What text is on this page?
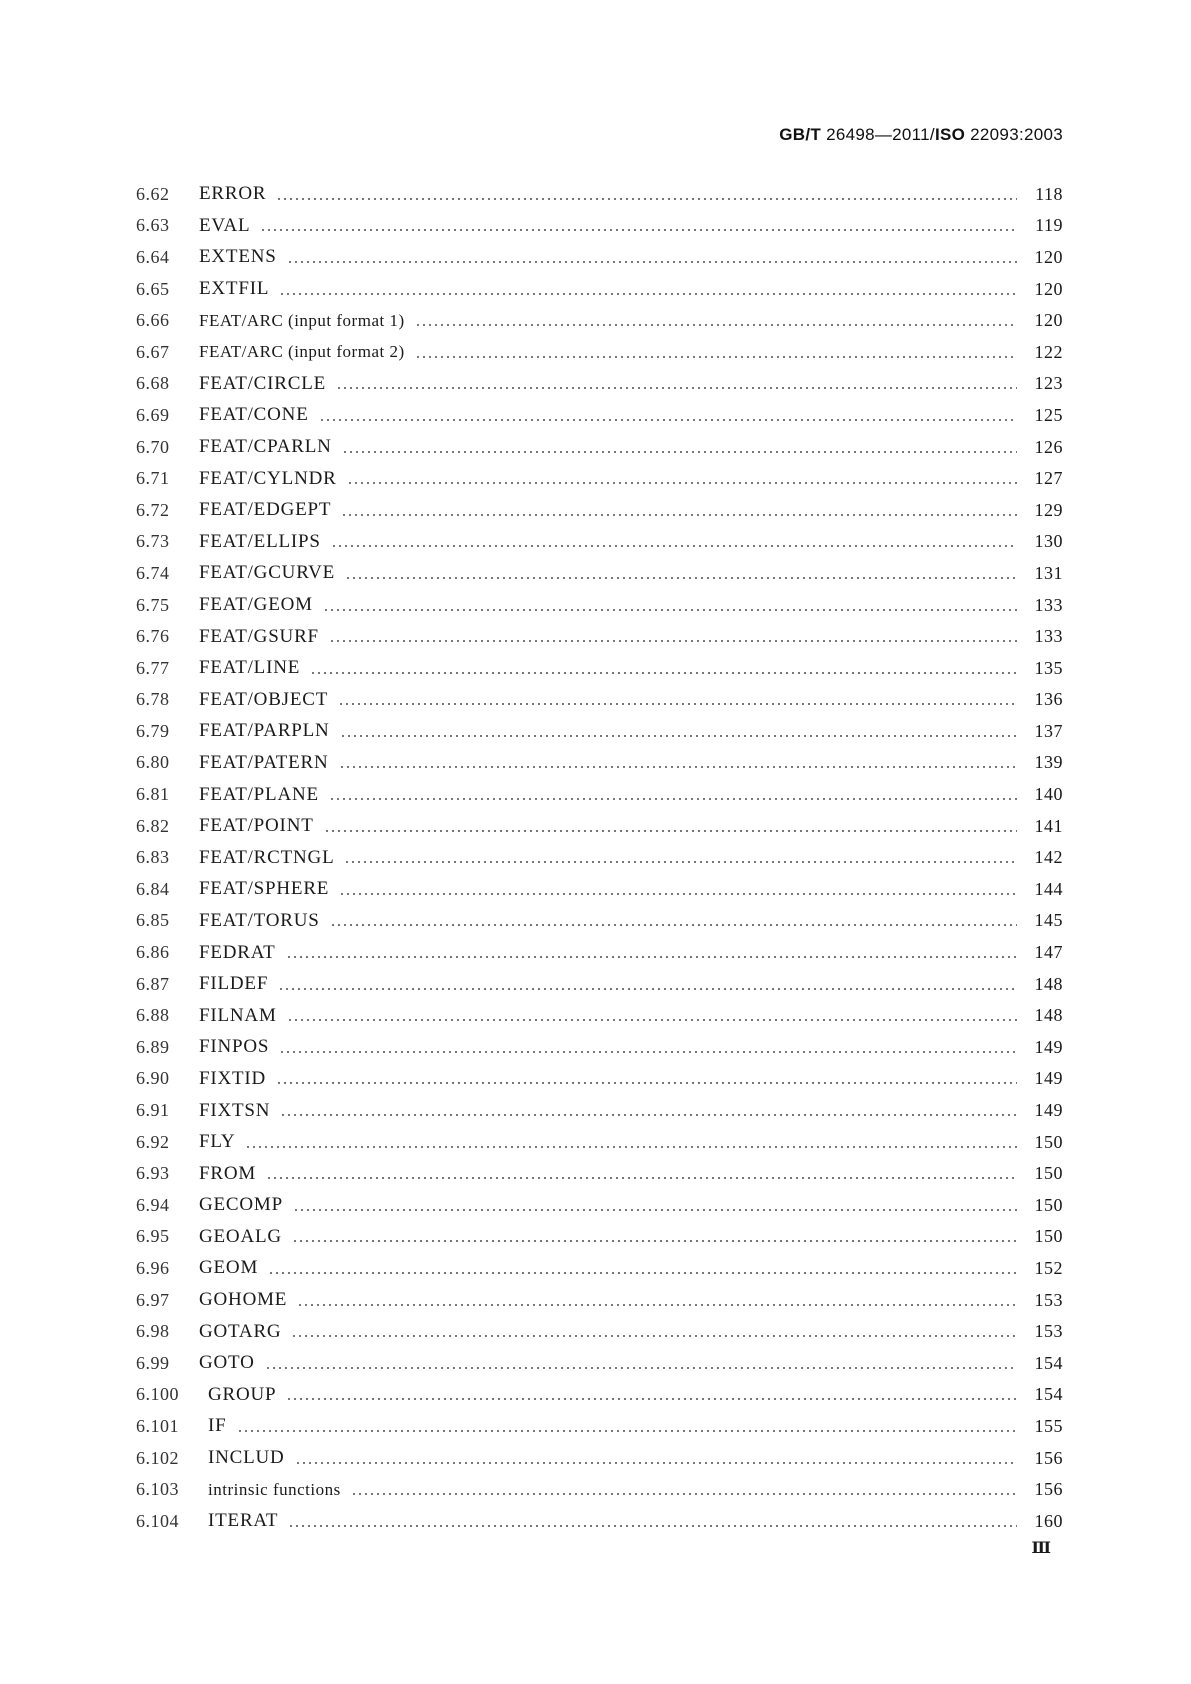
GB/T 26498—2011/ISO 22093:2003
6.62	ERROR	118
6.63	EVAL	119
6.64	EXTENS	120
6.65	EXTFIL	120
6.66	FEAT/ARC (input format 1)	120
6.67	FEAT/ARC (input format 2)	122
6.68	FEAT/CIRCLE	123
6.69	FEAT/CONE	125
6.70	FEAT/CPARLN	126
6.71	FEAT/CYLNDR	127
6.72	FEAT/EDGEPT	129
6.73	FEAT/ELLIPS	130
6.74	FEAT/GCURVE	131
6.75	FEAT/GEOM	133
6.76	FEAT/GSURF	133
6.77	FEAT/LINE	135
6.78	FEAT/OBJECT	136
6.79	FEAT/PARPLN	137
6.80	FEAT/PATERN	139
6.81	FEAT/PLANE	140
6.82	FEAT/POINT	141
6.83	FEAT/RCTNGL	142
6.84	FEAT/SPHERE	144
6.85	FEAT/TORUS	145
6.86	FEDRAT	147
6.87	FILDEF	148
6.88	FILNAM	148
6.89	FINPOS	149
6.90	FIXTID	149
6.91	FIXTSN	149
6.92	FLY	150
6.93	FROM	150
6.94	GECOMP	150
6.95	GEOALG	150
6.96	GEOM	152
6.97	GOHOME	153
6.98	GOTARG	153
6.99	GOTO	154
6.100	GROUP	154
6.101	IF	155
6.102	INCLUD	156
6.103	intrinsic functions	156
6.104	ITERAT	160
Ⅲ
